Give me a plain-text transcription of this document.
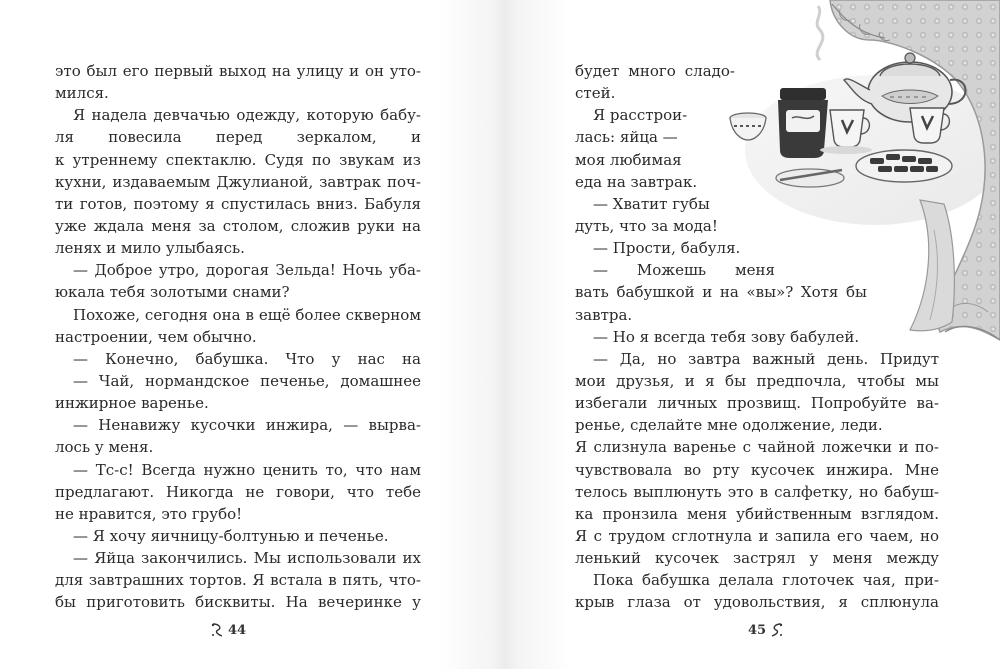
это был его первый выход на улицу и он уто-
мился.
Я надела девчачью одежду, которую бабу-
ля повесила перед зеркалом, и
к утреннему спектаклю. Судя по звукам из
кухни, издаваемым Джулианой, завтрак поч-
ти готов, поэтому я спустилась вниз. Бабуля
уже ждала меня за столом, сложив руки на
ленях и мило улыбаясь.
— Доброе утро, дорогая Зельда! Ночь уба-
юкала тебя золотыми снами?
Похоже, сегодня она в ещё более скверном
настроении, чем обычно.
— Конечно, бабушка. Что у нас на
— Чай, нормандское печенье, домашнее
инжирное варенье.
— Ненавижу кусочки инжира, — вырва-
лось у меня.
— Тс-с! Всегда нужно ценить то, что нам
предлагают. Никогда не говори, что тебе
не нравится, это грубо!
— Я хочу яичницу-болтунью и печенье.
— Яйца закончились. Мы использовали их
для завтрашних тортов. Я встала в пять, что-
бы приготовить бисквиты. На вечеринке у
44
будет много сладо-
стей.
Я расстрои-
лась: яйца —
моя любимая
еда на завтрак.
— Хватит губы
дуть, что за мода!
— Прости, бабуля.
— Можешь меня
вать бабушкой и на «вы»? Хотя бы
завтра.
— Но я всегда тебя зову бабулей.
— Да, но завтра важный день. Придут
мои друзья, и я бы предпочла, чтобы мы
избегали личных прозвищ. Попробуйте ва-
ренье, сделайте мне одолжение, леди.
Я слизнула варенье с чайной ложечки и по-
чувствовала во рту кусочек инжира. Мне
телось выплюнуть это в салфетку, но бабуш-
ка пронзила меня убийственным взглядом.
Я с трудом сглотнула и запила его чаем, но
ленький кусочек застрял у меня между
Пока бабушка делала глоточек чая, при-
крыв глаза от удовольствия, я сплюнула
45
